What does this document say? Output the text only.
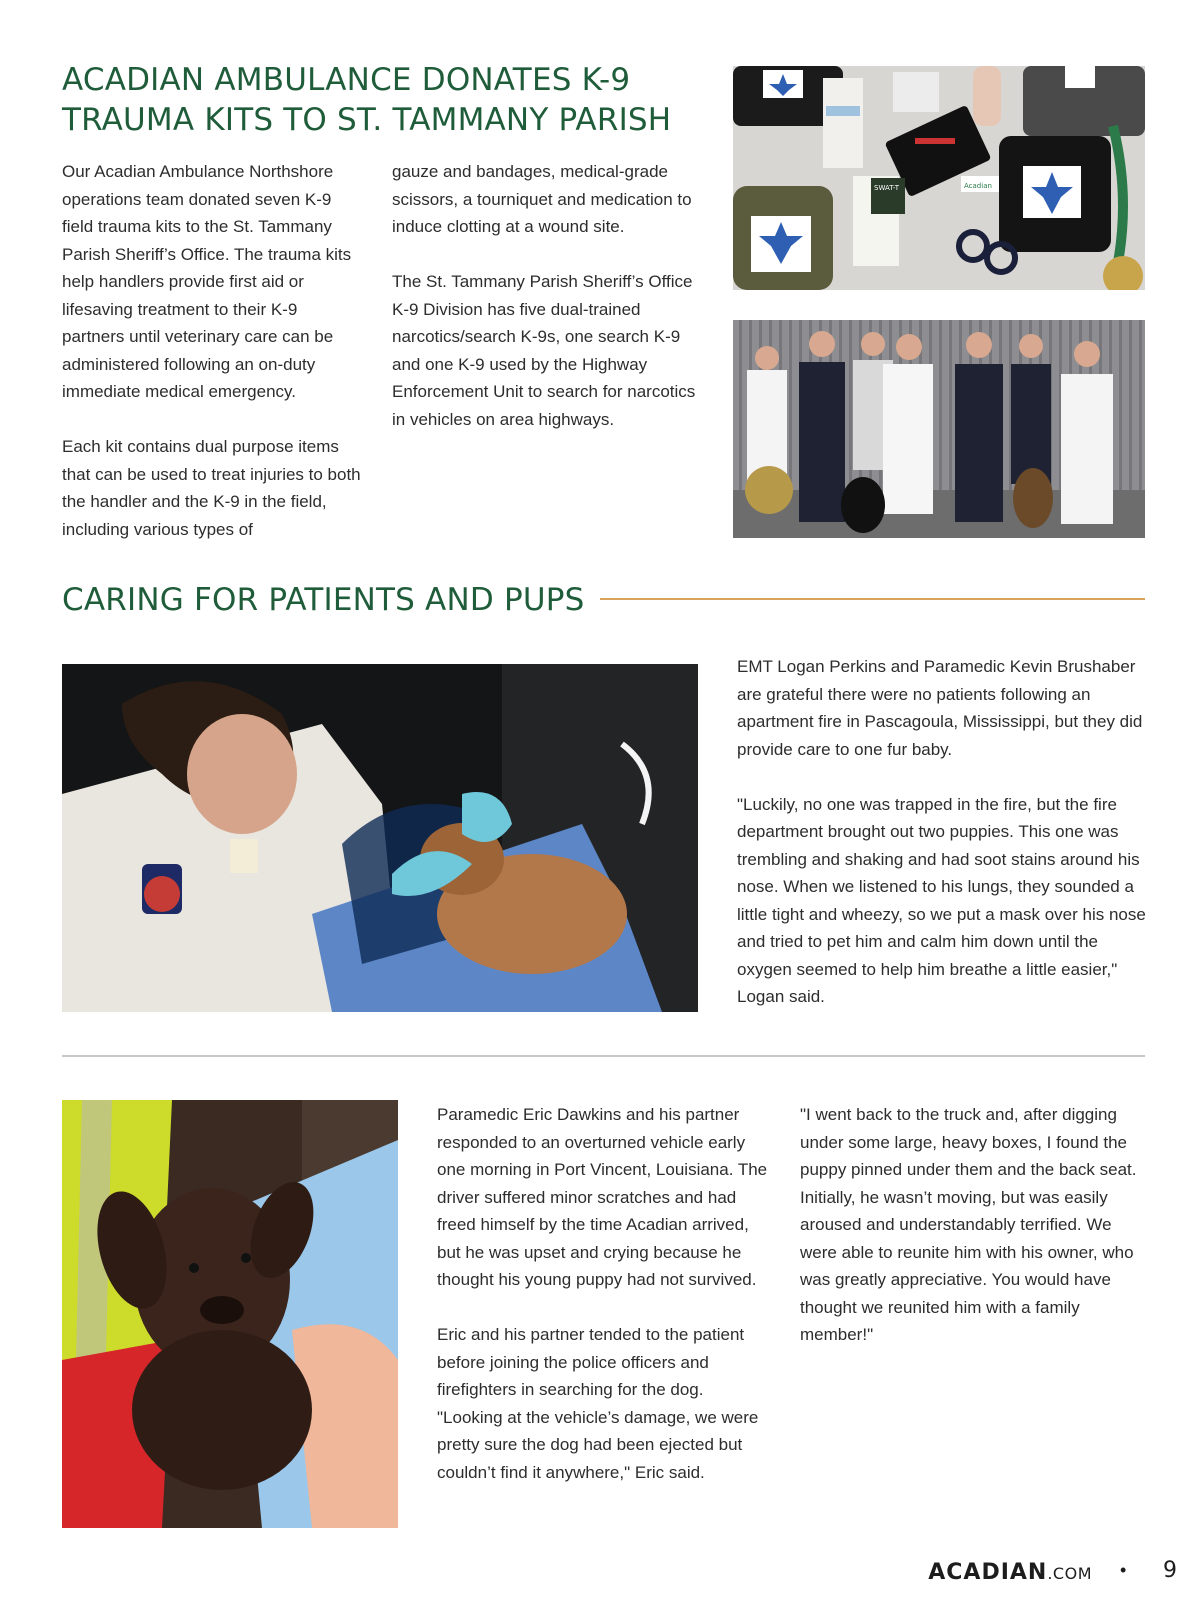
ACADIAN AMBULANCE DONATES K-9
TRAUMA KITS TO ST. TAMMANY PARISH

Our Acadian Ambulance Northshore operations team donated seven K-9 field trauma kits to the St. Tammany Parish Sheriff’s Office. The trauma kits help handlers provide first aid or lifesaving treatment to their K-9 partners until veterinary care can be administered following an on-duty immediate medical emergency.

Each kit contains dual purpose items that can be used to treat injuries to both the handler and the K-9 in the field, including various types of

gauze and bandages, medical-grade scissors, a tourniquet and medication to induce clotting at a wound site.

The St. Tammany Parish Sheriff’s Office K-9 Division has five dual-trained narcotics/search K-9s, one search K-9 and one K-9 used by the Highway Enforcement Unit to search for narcotics in vehicles on area highways.

SWAT-T	Acadian
CARING FOR PATIENTS AND PUPS

EMT Logan Perkins and Paramedic Kevin Brushaber are grateful there were no patients following an apartment fire in Pascagoula, Mississippi, but they did provide care to one fur baby.

"Luckily, no one was trapped in the fire, but the fire department brought out two puppies. This one was trembling and shaking and had soot stains around his nose. When we listened to his lungs, they sounded a little tight and wheezy, so we put a mask over his nose and tried to pet him and calm him down until the oxygen seemed to help him breathe a little easier," Logan said.

Paramedic Eric Dawkins and his partner responded to an overturned vehicle early one morning in Port Vincent, Louisiana. The driver suffered minor scratches and had freed himself by the time Acadian arrived, but he was upset and crying because he thought his young puppy had not survived.

Eric and his partner tended to the patient before joining the police officers and firefighters in searching for the dog. "Looking at the vehicle’s damage, we were pretty sure the dog had been ejected but couldn’t find it anywhere," Eric said.

"I went back to the truck and, after digging under some large, heavy boxes, I found the puppy pinned under them and the back seat. Initially, he wasn’t moving, but was easily aroused and understandably terrified. We were able to reunite him with his owner, who was greatly appreciative. You would have thought we reunited him with a family member!"

ACADIAN.COM • 9
